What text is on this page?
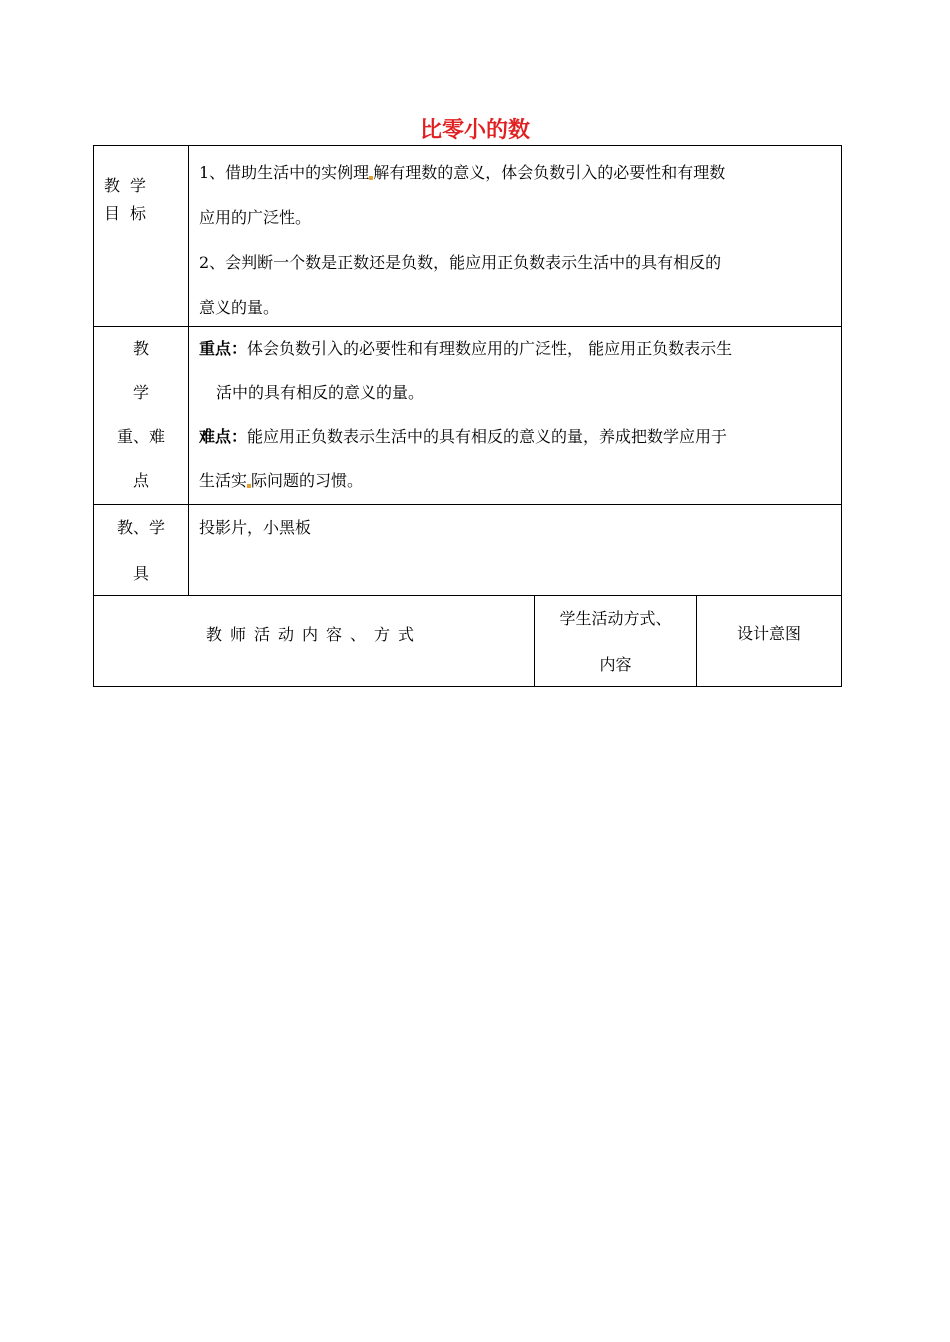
比零小的数
教学目标

1、借助生活中的实例理 解有理数的意义，体会负数引入的必要性和有理数

应用的广泛性。

2、会判断一个数是正数还是负数，能应用正负数表示生活中的具有相反的

意义的量。

教
学
重、难
点

重点：体会负数引入的必要性和有理数应用的广泛性， 能应用正负数表示生

活中的具有相反的意义的量。

难点：能应用正负数表示生活中的具有相反的意义的量，养成把数学应用于

生活实 际问题的习惯。

教、学
具
投影片，小黑板
教师活动内容、方式
学生活动方式、
内容
设计意图
